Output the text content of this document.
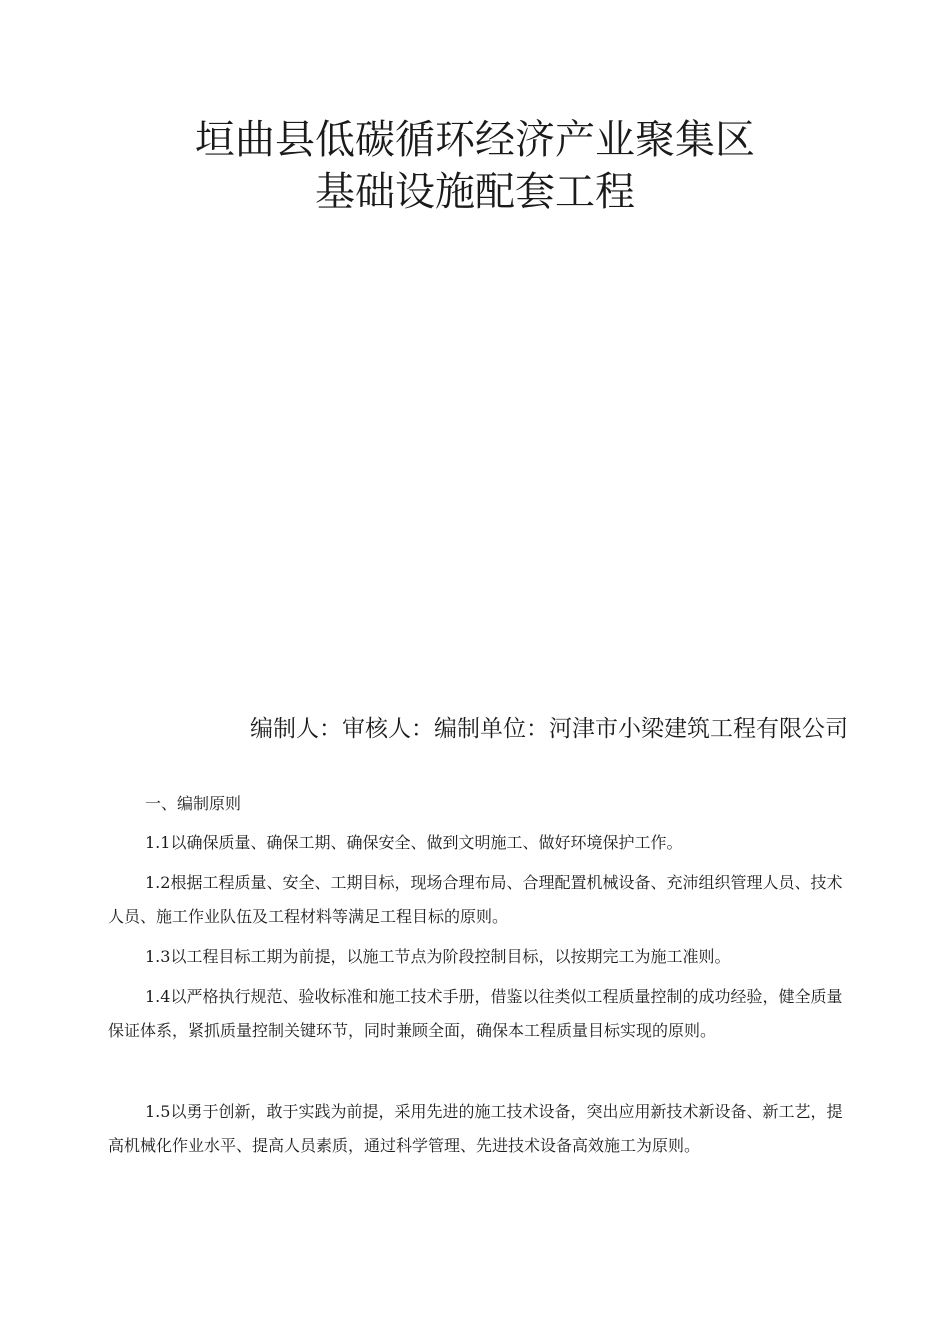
垣曲县低碳循环经济产业聚集区
基础设施配套工程

编制人：审核人：编制单位：河津市小梁建筑工程有限公司

一、编制原则

1.1以确保质量、确保工期、确保安全、做到文明施工、做好环境保护工作。

1.2根据工程质量、安全、工期目标，现场合理布局、合理配置机械设备、充沛组织管理人员、技术人员、施工作业队伍及工程材料等满足工程目标的原则。

1.3以工程目标工期为前提，以施工节点为阶段控制目标，以按期完工为施工准则。

1.4以严格执行规范、验收标准和施工技术手册，借鉴以往类似工程质量控制的成功经验，健全质量保证体系，紧抓质量控制关键环节，同时兼顾全面，确保本工程质量目标实现的原则。

1.5以勇于创新，敢于实践为前提，采用先进的施工技术设备，突出应用新技术新设备、新工艺，提高机械化作业水平、提高人员素质，通过科学管理、先进技术设备高效施工为原则。
